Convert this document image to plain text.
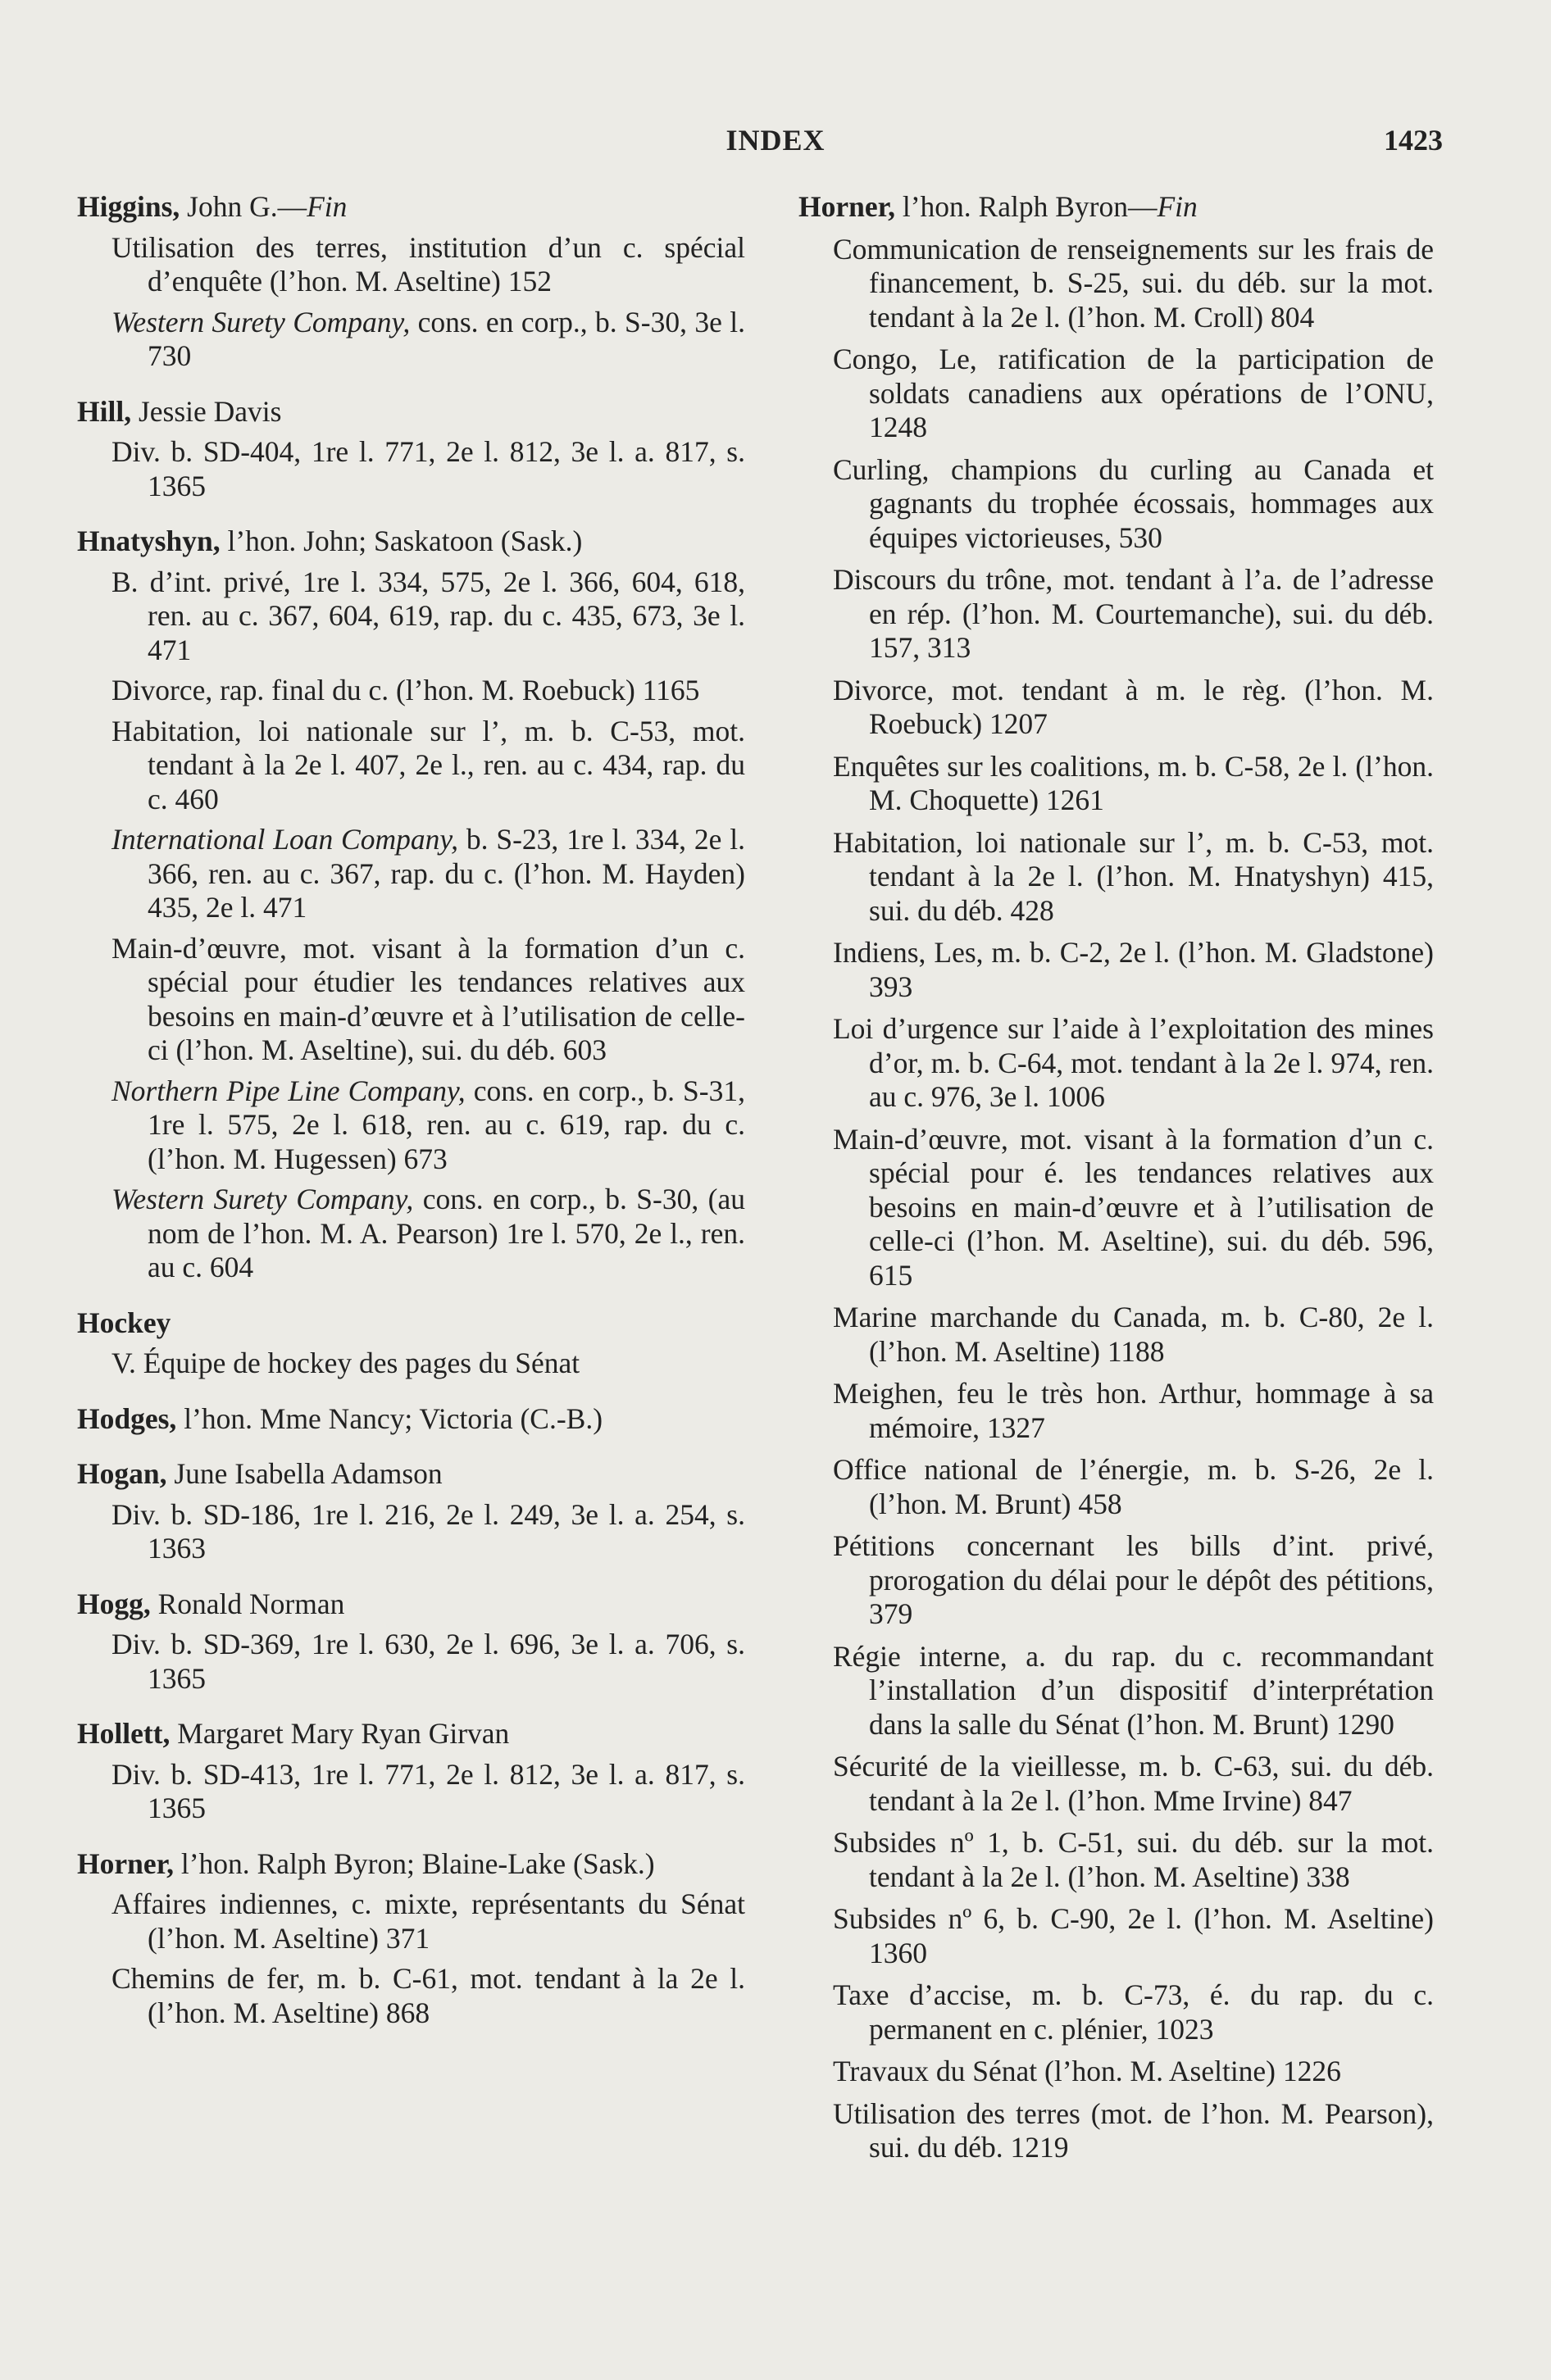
INDEX	1423
Higgins, John G.—Fin
Utilisation des terres, institution d’un c. spécial d’enquête (l’hon. M. Aseltine) 152
Western Surety Company, cons. en corp., b. S-30, 3e l. 730
Hill, Jessie Davis
Div. b. SD-404, 1re l. 771, 2e l. 812, 3e l. a. 817, s. 1365
Hnatyshyn, l’hon. John; Saskatoon (Sask.)
B. d’int. privé, 1re l. 334, 575, 2e l. 366, 604, 618, ren. au c. 367, 604, 619, rap. du c. 435, 673, 3e l. 471
Divorce, rap. final du c. (l’hon. M. Roebuck) 1165
Habitation, loi nationale sur l’, m. b. C-53, mot. tendant à la 2e l. 407, 2e l., ren. au c. 434, rap. du c. 460
International Loan Company, b. S-23, 1re l. 334, 2e l. 366, ren. au c. 367, rap. du c. (l’hon. M. Hayden) 435, 2e l. 471
Main-d’œuvre, mot. visant à la formation d’un c. spécial pour étudier les tendances relatives aux besoins en main-d’œuvre et à l’utilisation de celle-ci (l’hon. M. Aseltine), sui. du déb. 603
Northern Pipe Line Company, cons. en corp., b. S-31, 1re l. 575, 2e l. 618, ren. au c. 619, rap. du c. (l’hon. M. Hugessen) 673
Western Surety Company, cons. en corp., b. S-30, (au nom de l’hon. M. A. Pearson) 1re l. 570, 2e l., ren. au c. 604
Hockey
V. Équipe de hockey des pages du Sénat
Hodges, l’hon. Mme Nancy; Victoria (C.-B.)
Hogan, June Isabella Adamson
Div. b. SD-186, 1re l. 216, 2e l. 249, 3e l. a. 254, s. 1363
Hogg, Ronald Norman
Div. b. SD-369, 1re l. 630, 2e l. 696, 3e l. a. 706, s. 1365
Hollett, Margaret Mary Ryan Girvan
Div. b. SD-413, 1re l. 771, 2e l. 812, 3e l. a. 817, s. 1365
Horner, l’hon. Ralph Byron; Blaine-Lake (Sask.)
Affaires indiennes, c. mixte, représentants du Sénat (l’hon. M. Aseltine) 371
Chemins de fer, m. b. C-61, mot. tendant à la 2e l. (l’hon. M. Aseltine) 868
Horner, l’hon. Ralph Byron—Fin
Communication de renseignements sur les frais de financement, b. S-25, sui. du déb. sur la mot. tendant à la 2e l. (l’hon. M. Croll) 804
Congo, Le, ratification de la participation de soldats canadiens aux opérations de l’ONU, 1248
Curling, champions du curling au Canada et gagnants du trophée écossais, hommages aux équipes victorieuses, 530
Discours du trône, mot. tendant à l’a. de l’adresse en rép. (l’hon. M. Courtemanche), sui. du déb. 157, 313
Divorce, mot. tendant à m. le règ. (l’hon. M. Roebuck) 1207
Enquêtes sur les coalitions, m. b. C-58, 2e l. (l’hon. M. Choquette) 1261
Habitation, loi nationale sur l’, m. b. C-53, mot. tendant à la 2e l. (l’hon. M. Hnatyshyn) 415, sui. du déb. 428
Indiens, Les, m. b. C-2, 2e l. (l’hon. M. Gladstone) 393
Loi d’urgence sur l’aide à l’exploitation des mines d’or, m. b. C-64, mot. tendant à la 2e l. 974, ren. au c. 976, 3e l. 1006
Main-d’œuvre, mot. visant à la formation d’un c. spécial pour é. les tendances relatives aux besoins en main-d’œuvre et à l’utilisation de celle-ci (l’hon. M. Aseltine), sui. du déb. 596, 615
Marine marchande du Canada, m. b. C-80, 2e l. (l’hon. M. Aseltine) 1188
Meighen, feu le très hon. Arthur, hommage à sa mémoire, 1327
Office national de l’énergie, m. b. S-26, 2e l. (l’hon. M. Brunt) 458
Pétitions concernant les bills d’int. privé, prorogation du délai pour le dépôt des pétitions, 379
Régie interne, a. du rap. du c. recommandant l’installation d’un dispositif d’interprétation dans la salle du Sénat (l’hon. M. Brunt) 1290
Sécurité de la vieillesse, m. b. C-63, sui. du déb. tendant à la 2e l. (l’hon. Mme Irvine) 847
Subsides nº 1, b. C-51, sui. du déb. sur la mot. tendant à la 2e l. (l’hon. M. Aseltine) 338
Subsides nº 6, b. C-90, 2e l. (l’hon. M. Aseltine) 1360
Taxe d’accise, m. b. C-73, é. du rap. du c. permanent en c. plénier, 1023
Travaux du Sénat (l’hon. M. Aseltine) 1226
Utilisation des terres (mot. de l’hon. M. Pearson), sui. du déb. 1219
